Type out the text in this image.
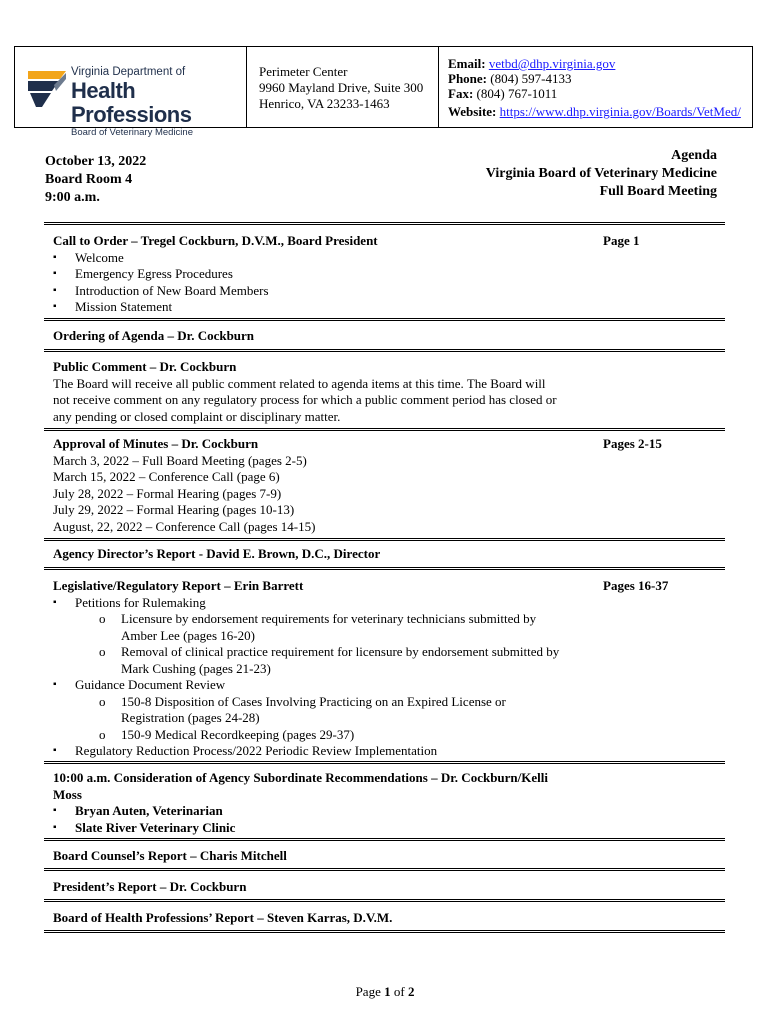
Virginia Department of
Health Professions
Board of Veterinary Medicine
Perimeter Center
9960 Mayland Drive, Suite 300
Henrico, VA 23233-1463
Email: vetbd@dhp.virginia.gov
Phone: (804) 597-4133
Fax: (804) 767-1011
Website: https://www.dhp.virginia.gov/Boards/VetMed/
October 13, 2022
Board Room 4
9:00 a.m.
Agenda
Virginia Board of Veterinary Medicine
Full Board Meeting
Call to Order – Tregel Cockburn, D.V.M., Board President
▪ Welcome
▪ Emergency Egress Procedures
▪ Introduction of New Board Members
▪ Mission Statement
Page 1
Ordering of Agenda – Dr. Cockburn
Public Comment – Dr. Cockburn
The Board will receive all public comment related to agenda items at this time. The Board will
not receive comment on any regulatory process for which a public comment period has closed or
any pending or closed complaint or disciplinary matter.
Approval of Minutes – Dr. Cockburn
March 3, 2022 – Full Board Meeting (pages 2-5)
March 15, 2022 – Conference Call (page 6)
July 28, 2022 – Formal Hearing (pages 7-9)
July 29, 2022 – Formal Hearing (pages 10-13)
August, 22, 2022 – Conference Call (pages 14-15)
Pages 2-15
Agency Director’s Report - David E. Brown, D.C., Director
Legislative/Regulatory Report – Erin Barrett
▪ Petitions for Rulemaking
o Licensure by endorsement requirements for veterinary technicians submitted by
Amber Lee (pages 16-20)
o Removal of clinical practice requirement for licensure by endorsement submitted by
Mark Cushing (pages 21-23)
▪ Guidance Document Review
o 150-8 Disposition of Cases Involving Practicing on an Expired License or
Registration (pages 24-28)
o 150-9 Medical Recordkeeping (pages 29-37)
▪ Regulatory Reduction Process/2022 Periodic Review Implementation
Pages 16-37
10:00 a.m. Consideration of Agency Subordinate Recommendations – Dr. Cockburn/Kelli
Moss
▪ Bryan Auten, Veterinarian
▪ Slate River Veterinary Clinic
Board Counsel’s Report – Charis Mitchell
President’s Report – Dr. Cockburn
Board of Health Professions’ Report – Steven Karras, D.V.M.
Page 1 of 2
